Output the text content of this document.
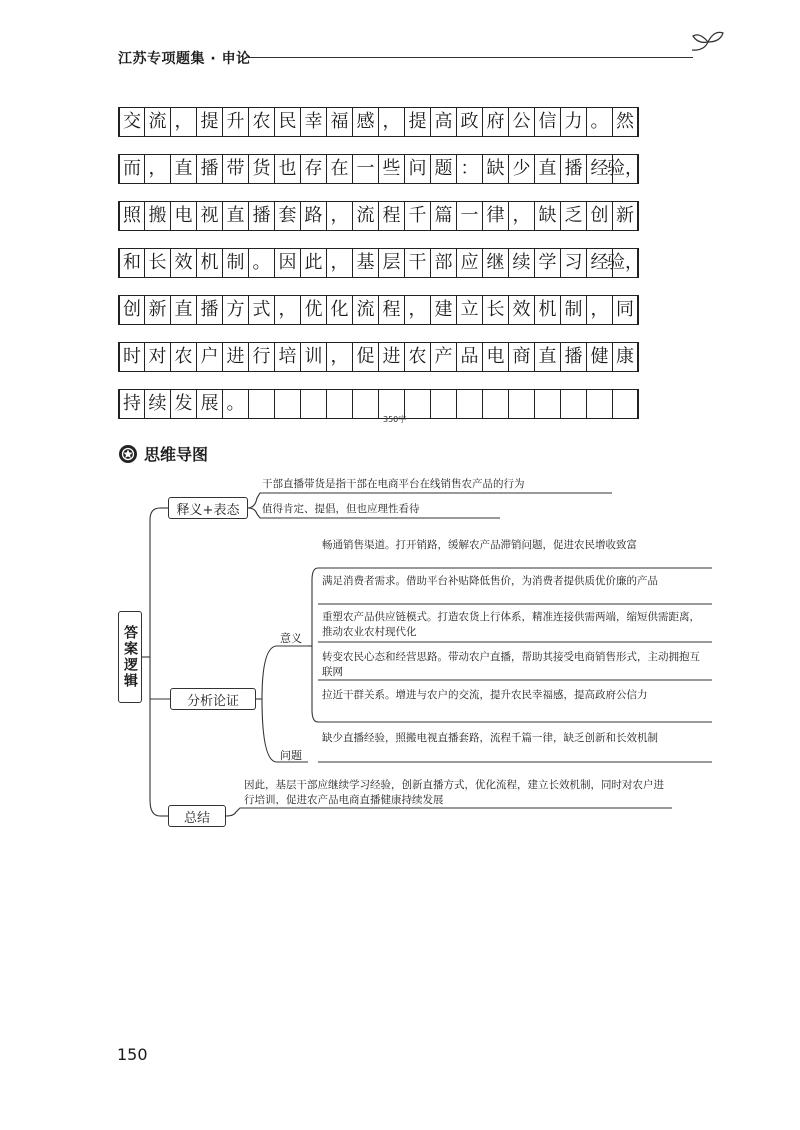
江苏专项题集 · 申论
交 流 ， 提 升 农 民 幸 福 感 ， 提 高 政 府 公 信 力 。 然
而 ， 直 播 带 货 也 存 在 一 些 问 题 ： 缺 少 直 播 经
验，
照 搬 电 视 直 播 套 路 ， 流 程 千 篇 一 律 ， 缺 乏 创 新
和 长 效 机 制 。 因 此 ， 基 层 干 部 应 继 续 学 习 经
验，
创 新 直 播 方 式 ， 优 化 流 程 ， 建 立 长 效 机 制 ， 同
时 对 农 户 进 行 培 训 ， 促 进 农 产 品 电 商 直 播 健 康
持 续 发 展 。
350字
思维导图
答案逻辑
释义+表态
分析论证
总结
干部直播带货是指干部在电商平台在线销售农产品的行为
值得肯定、提倡，但也应理性看待
意义
畅通销售渠道。打开销路，缓解农产品滞销问题，促进农民增收致富
满足消费者需求。借助平台补贴降低售价，为消费者提供质优价廉的产品
重塑农产品供应链模式。打造农货上行体系，精准连接供需两端，缩短供需距离，推动农业农村现代化
转变农民心态和经营思路。带动农户直播，帮助其接受电商销售形式，主动拥抱互联网
拉近干群关系。增进与农户的交流，提升农民幸福感，提高政府公信力
问题
缺少直播经验，照搬电视直播套路，流程千篇一律，缺乏创新和长效机制
因此，基层干部应继续学习经验，创新直播方式，优化流程，建立长效机制，同时对农户进行培训，促进农产品电商直播健康持续发展
150
